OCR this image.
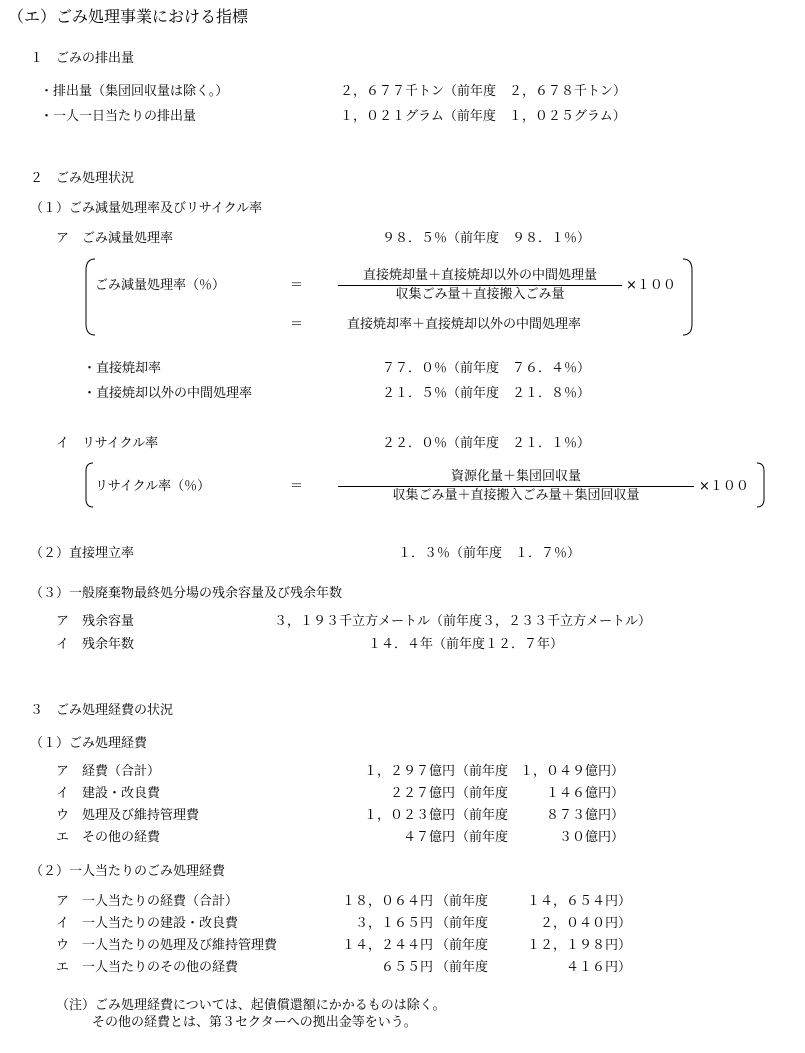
（エ）ごみ処理事業における指標
１　ごみの排出量
・排出量（集団回収量は除く。）	２，６７７千トン（前年度　２，６７８千トン）
・一人一日当たりの排出量	１，０２１グラム（前年度　１，０２５グラム）
２　ごみ処理状況
（１）ごみ減量処理率及びリサイクル率
ア　ごみ減量処理率	９８．５％（前年度　９８．１％）
ごみ減量処理率（％）	＝
直接焼却量＋直接焼却以外の中間処理量
収集ごみ量＋直接搬入ごみ量
×１００
＝	直接焼却率＋直接焼却以外の中間処理率
・直接焼却率	７７．０％（前年度　７６．４％）
・直接焼却以外の中間処理率	２１．５％（前年度　２１．８％）
イ　リサイクル率	２２．０％（前年度　２１．１％）
リサイクル率（％）	＝
資源化量＋集団回収量
収集ごみ量＋直接搬入ごみ量＋集団回収量
×１００
（２）直接埋立率	１．３％（前年度　１．７％）
（３）一般廃棄物最終処分場の残余容量及び残余年数
ア　残余容量	３，１９３千立方メートル（前年度３，２３３千立方メートル）
イ　残余年数	１４．４年（前年度１２．７年）
３　ごみ処理経費の状況
（１）ごみ処理経費
ア　経費（合計）	１，２９７億円 （前年度 １，０４９億円）
イ　建設・改良費	２２７億円 （前年度	１４６億円）
ウ　処理及び維持管理費	１，０２３億円 （前年度	８７３億円）
エ　その他の経費	４７億円 （前年度	３０億円）
（２）一人当たりのごみ処理経費
ア　一人当たりの経費（合計）	１８，０６４円 （前年度	１４，６５４円）
イ　一人当たりの建設・改良費	３，１６５円 （前年度	２，０４０円）
ウ　一人当たりの処理及び維持管理費	１４，２４４円 （前年度	１２，１９８円）
エ　一人当たりのその他の経費	６５５円 （前年度	４１６円）
（注）ごみ処理経費については、起債償還額にかかるものは除く。
その他の経費とは、第３セクターへの拠出金等をいう。
